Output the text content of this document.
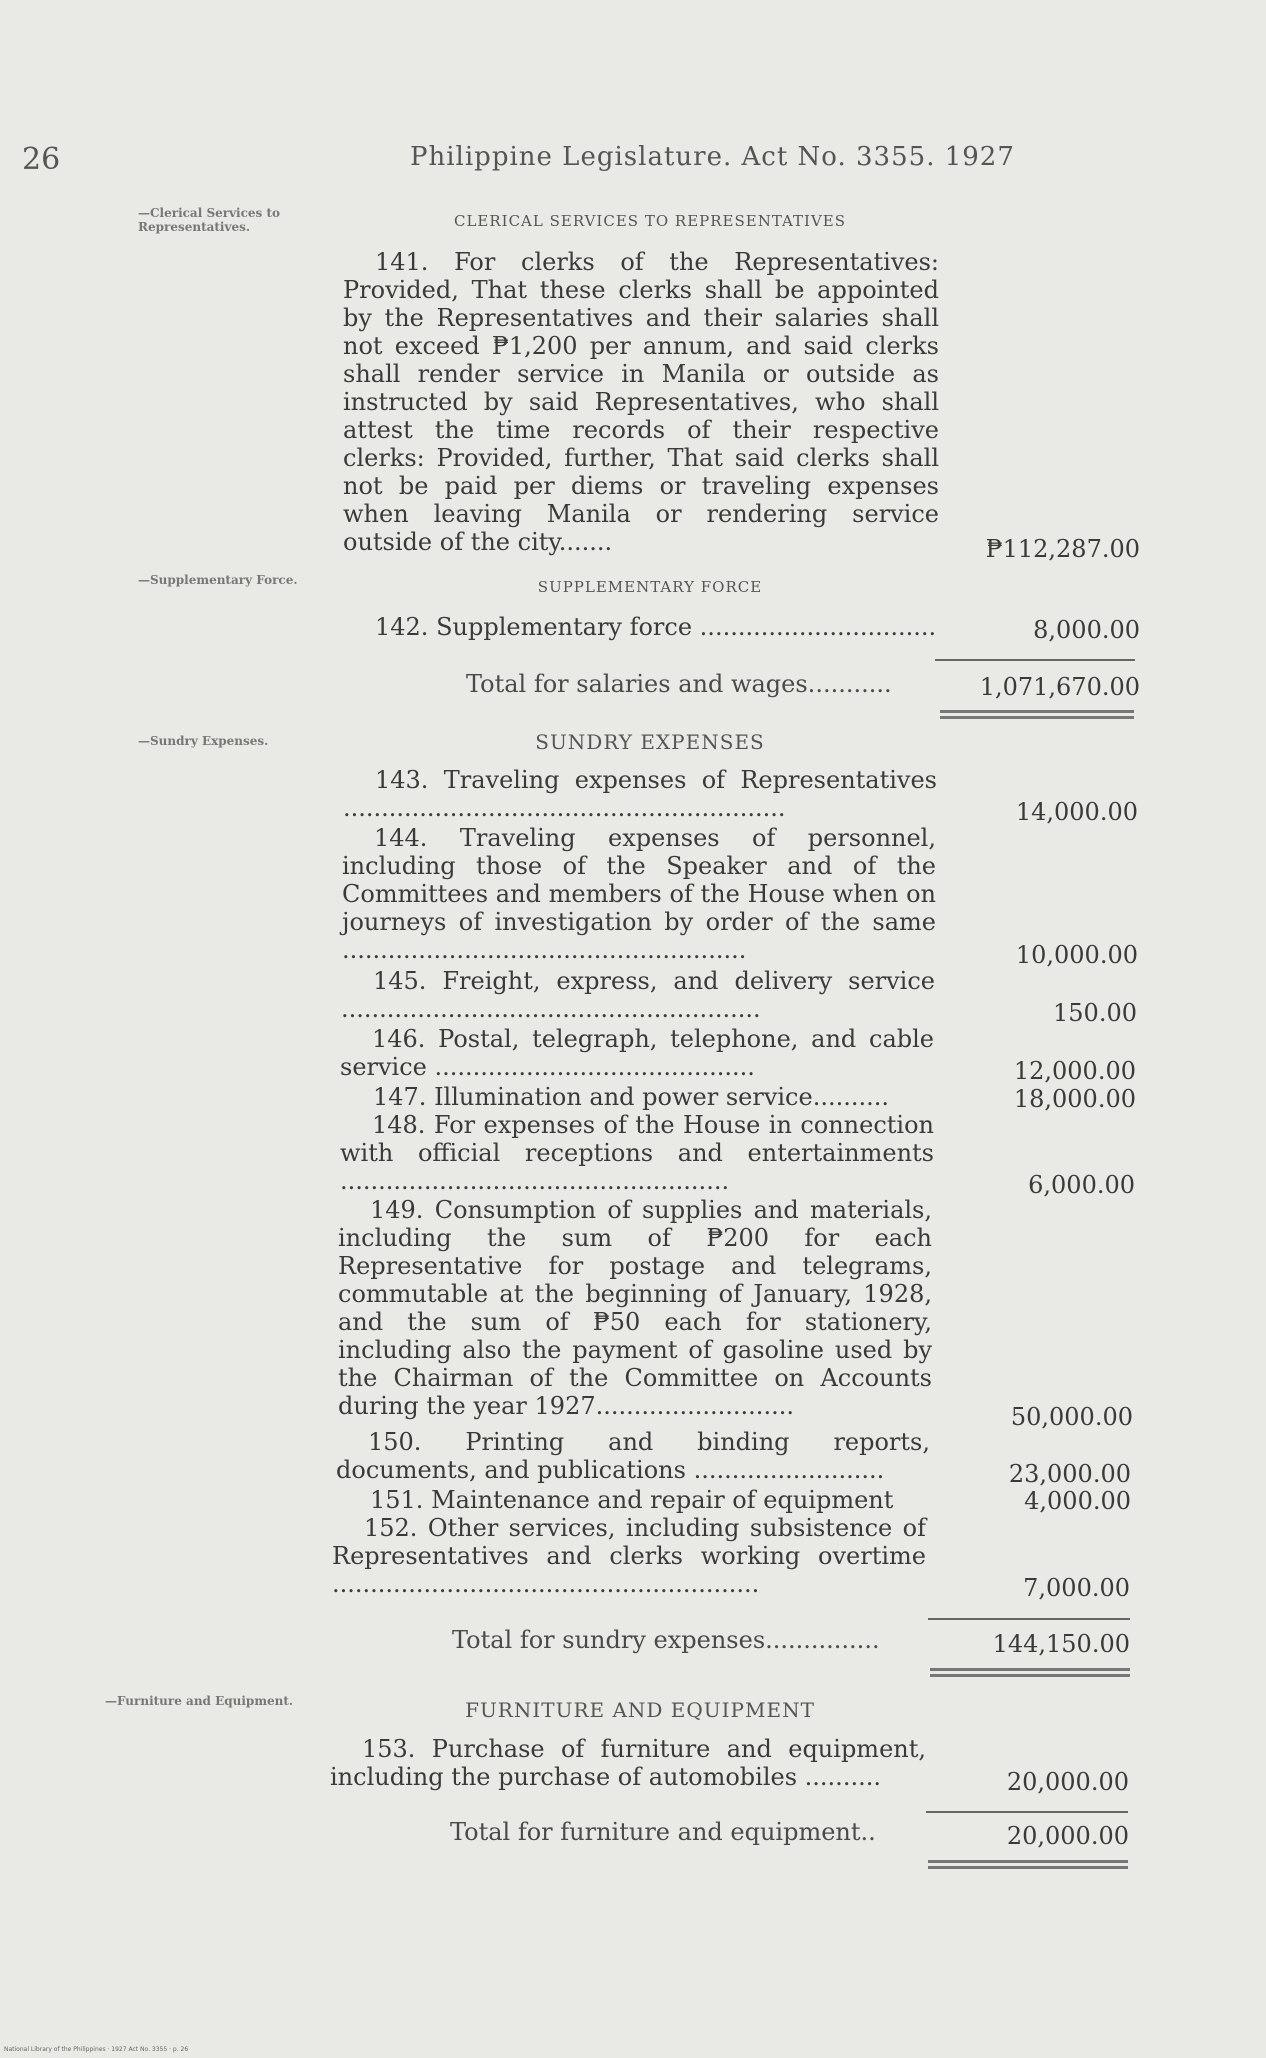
26	Philippine Legislature. Act No. 3355. 1927
—Clerical Services to Representatives.	CLERICAL SERVICES TO REPRESENTATIVES
141. For clerks of the Representatives: Provided, That these clerks shall be appointed by the Representatives and their salaries shall not exceed ₱1,200 per annum, and said clerks shall render service in Manila or outside as instructed by said Representatives, who shall attest the time records of their respective clerks: Provided, further, That said clerks shall not be paid per diems or traveling expenses when leaving Manila or rendering service outside of the city.......	₱112,287.00
—Supplementary Force.	SUPPLEMENTARY FORCE
142. Supplementary force ...............................	8,000.00
Total for salaries and wages...........	1,071,670.00
—Sundry Expenses.	SUNDRY EXPENSES
143. Traveling expenses of Representatives ..........................................................	14,000.00
144. Traveling expenses of personnel, including those of the Speaker and of the Committees and members of the House when on journeys of investigation by order of the same .....................................................	10,000.00
145. Freight, express, and delivery service .......................................................	150.00
146. Postal, telegraph, telephone, and cable service ..........................................	12,000.00
147. Illumination and power service..........	18,000.00
148. For expenses of the House in connection with official receptions and entertainments ...................................................	6,000.00
149. Consumption of supplies and materials, including the sum of ₱200 for each Representative for postage and telegrams, commutable at the beginning of January, 1928, and the sum of ₱50 each for stationery, including also the payment of gasoline used by the Chairman of the Committee on Accounts during the year 1927..........................	50,000.00
150. Printing and binding reports, documents, and publications .........................	23,000.00
151. Maintenance and repair of equipment	4,000.00
152. Other services, including subsistence of Representatives and clerks working overtime ........................................................	7,000.00
Total for sundry expenses...............	144,150.00
—Furniture and Equipment.	FURNITURE AND EQUIPMENT
153. Purchase of furniture and equipment, including the purchase of automobiles ..........	20,000.00
Total for furniture and equipment..	20,000.00
National Library of the Philippines · 1927 Act No. 3355 · p. 26
